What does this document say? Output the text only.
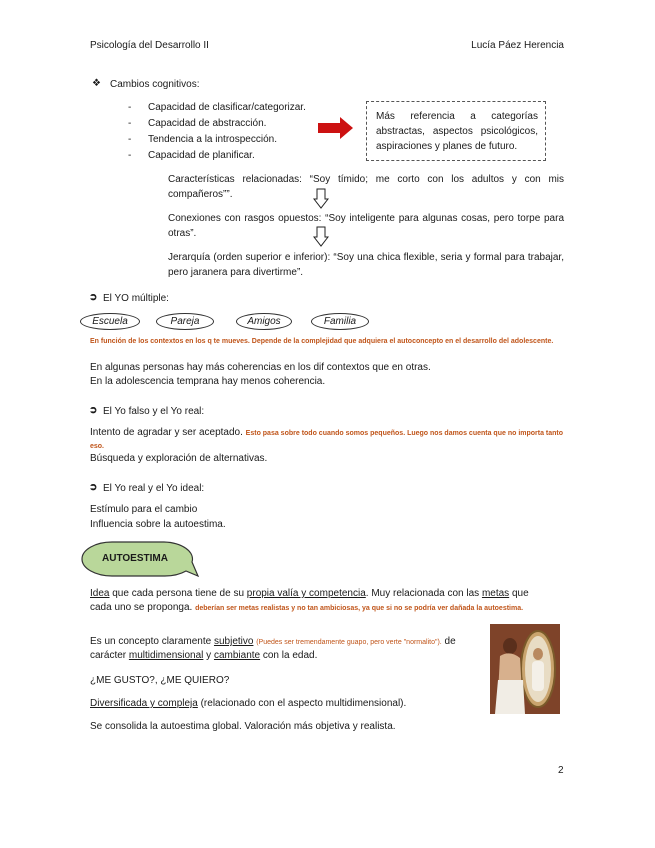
Psicología del Desarrollo II	Lucía Páez Herencia
❖ Cambios cognitivos:
- Capacidad de clasificar/categorizar.
- Capacidad de abstracción.
- Tendencia a la introspección.
- Capacidad de planificar.
Más referencia a categorías abstractas, aspectos psicológicos, aspiraciones y planes de futuro.
Características relacionadas: “Soy tímido; me corto con los adultos y con mis compañeros””.
Conexiones con rasgos opuestos: “Soy inteligente para algunas cosas, pero torpe para otras”.
Jerarquía (orden superior e inferior): “Soy una chica flexible, seria y formal para trabajar, pero jaranera para divertirme”.
➲ El YO múltiple:
Escuela	Pareja	Amigos	Familia
En función de los contextos en los q te mueves. Depende de la complejidad que adquiera el autoconcepto en el desarrollo del adolescente.
En algunas personas hay más coherencias en los dif contextos que en otras.
En la adolescencia temprana hay menos coherencia.
➲ El Yo falso y el Yo real:
Intento de agradar y ser aceptado. Esto pasa sobre todo cuando somos pequeños. Luego nos damos cuenta que no importa tanto eso.
Búsqueda y exploración de alternativas.
➲ El Yo real y el Yo ideal:
Estímulo para el cambio
Influencia sobre la autoestima.
AUTOESTIMA
Idea que cada persona tiene de su propia valía y competencia. Muy relacionada con las metas que
cada uno se proponga. deberían ser metas realistas y no tan ambiciosas, ya que si no se podría ver dañada la autoestima.
Es un concepto claramente subjetivo (Puedes ser tremendamente guapo, pero verte "normalito"). de carácter multidimensional y cambiante con la edad.
¿ME GUSTO?, ¿ME QUIERO?
Diversificada y compleja (relacionado con el aspecto multidimensional).
Se consolida la autoestima global. Valoración más objetiva y realista.
2
